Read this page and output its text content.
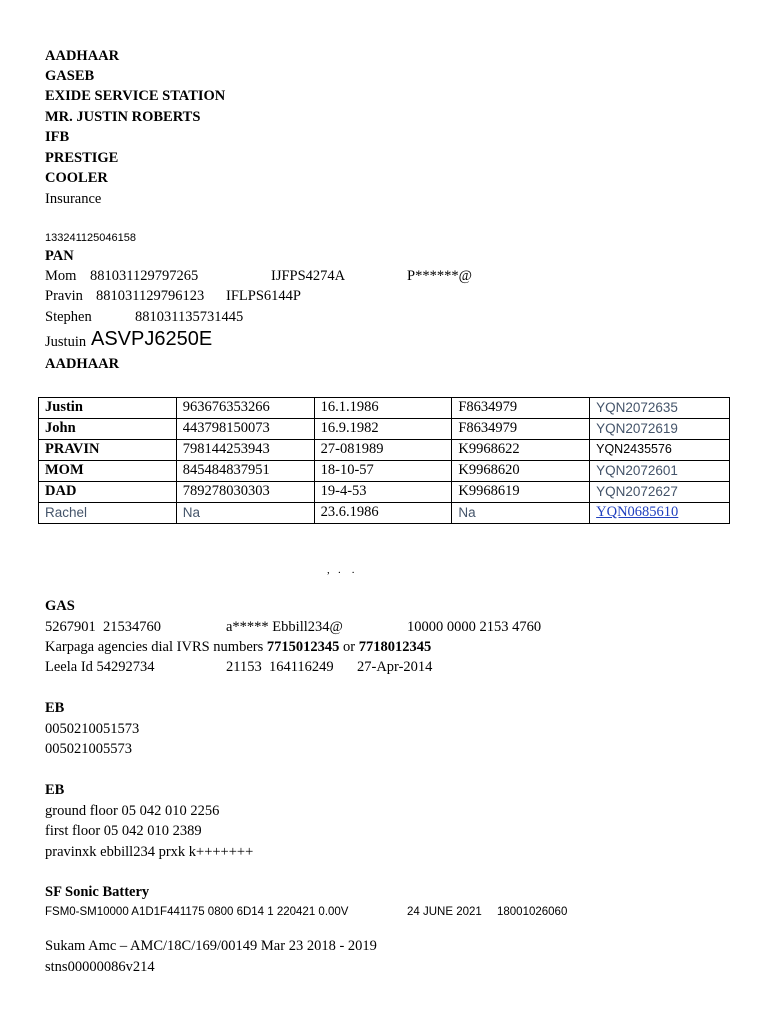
AADHAAR
GASEB
EXIDE SERVICE STATION
MR. JUSTIN ROBERTS
IFB
PRESTIGE
COOLER
Insurance
133241125046158
PAN
Mom 881031129797265	IJFPS4274A	P******@
Pravin 881031129796123 IFLPS6144P
Stephen	881031135731445
Justuin ASVPJ6250E
AADHAAR
Justin	963676353266	16.1.1986	F8634979	YQN2072635
John	443798150073	16.9.1982	F8634979	YQN2072619
PRAVIN	798144253943	27-081989	K9968622	YQN2435576
MOM	845484837951	18-10-57	K9968620	YQN2072601
DAD	789278030303	19-4-53	K9968619	YQN2072627
Rachel	Na	23.6.1986	Na	YQN0685610
,   .    .
GAS
5267901  21534760	a***** Ebbill234@	10000 0000 2153 4760
Karpaga agencies dial IVRS numbers 7715012345 or 7718012345
Leela Id 54292734	21153  164116249 27-Apr-2014
EB
0050210051573
005021005573
EB
ground floor 05 042 010 2256
first floor 05 042 010 2389
pravinxk ebbill234 prxk k+++++++
SF Sonic Battery
FSM0-SM10000 A1D1F441175 0800 6D14 1 220421 0.00V	24 JUNE 2021 18001026060
Sukam Amc – AMC/18C/169/00149 Mar 23 2018 - 2019
stns00000086v214
